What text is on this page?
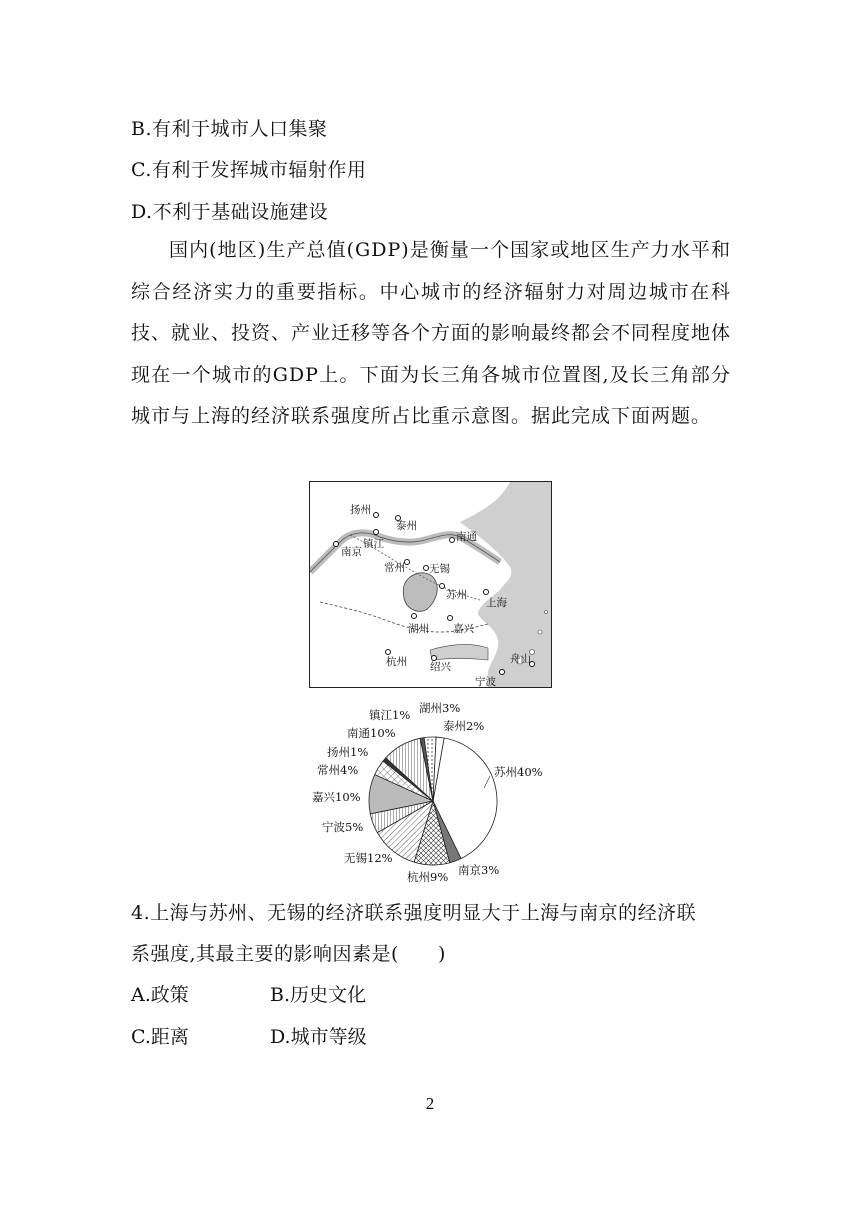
B.有利于城市人口集聚
C.有利于发挥城市辐射作用
D.不利于基础设施建设
国内(地区)生产总值(GDP)是衡量一个国家或地区生产力水平和综合经济实力的重要指标。中心城市的经济辐射力对周边城市在科技、就业、投资、产业迁移等各个方面的影响最终都会不同程度地体现在一个城市的GDP上。下面为长三角各城市位置图,及长三角部分城市与上海的经济联系强度所占比重示意图。据此完成下面两题。
扬州
泰州
南通
南京
镇江
常州 无锡
苏州
上海
湖州 嘉兴
杭州 绍兴
舟山
宁波
苏州40%
南京3%
杭州9%
无锡12%
宁波5%
嘉兴10%
常州4%
扬州1%
南通10%
镇江1% 湖州3%
泰州2%
4.上海与苏州、无锡的经济联系强度明显大于上海与南京的经济联
系强度,其最主要的影响因素是(　　)
A.政策	B.历史文化
C.距离	D.城市等级
2
